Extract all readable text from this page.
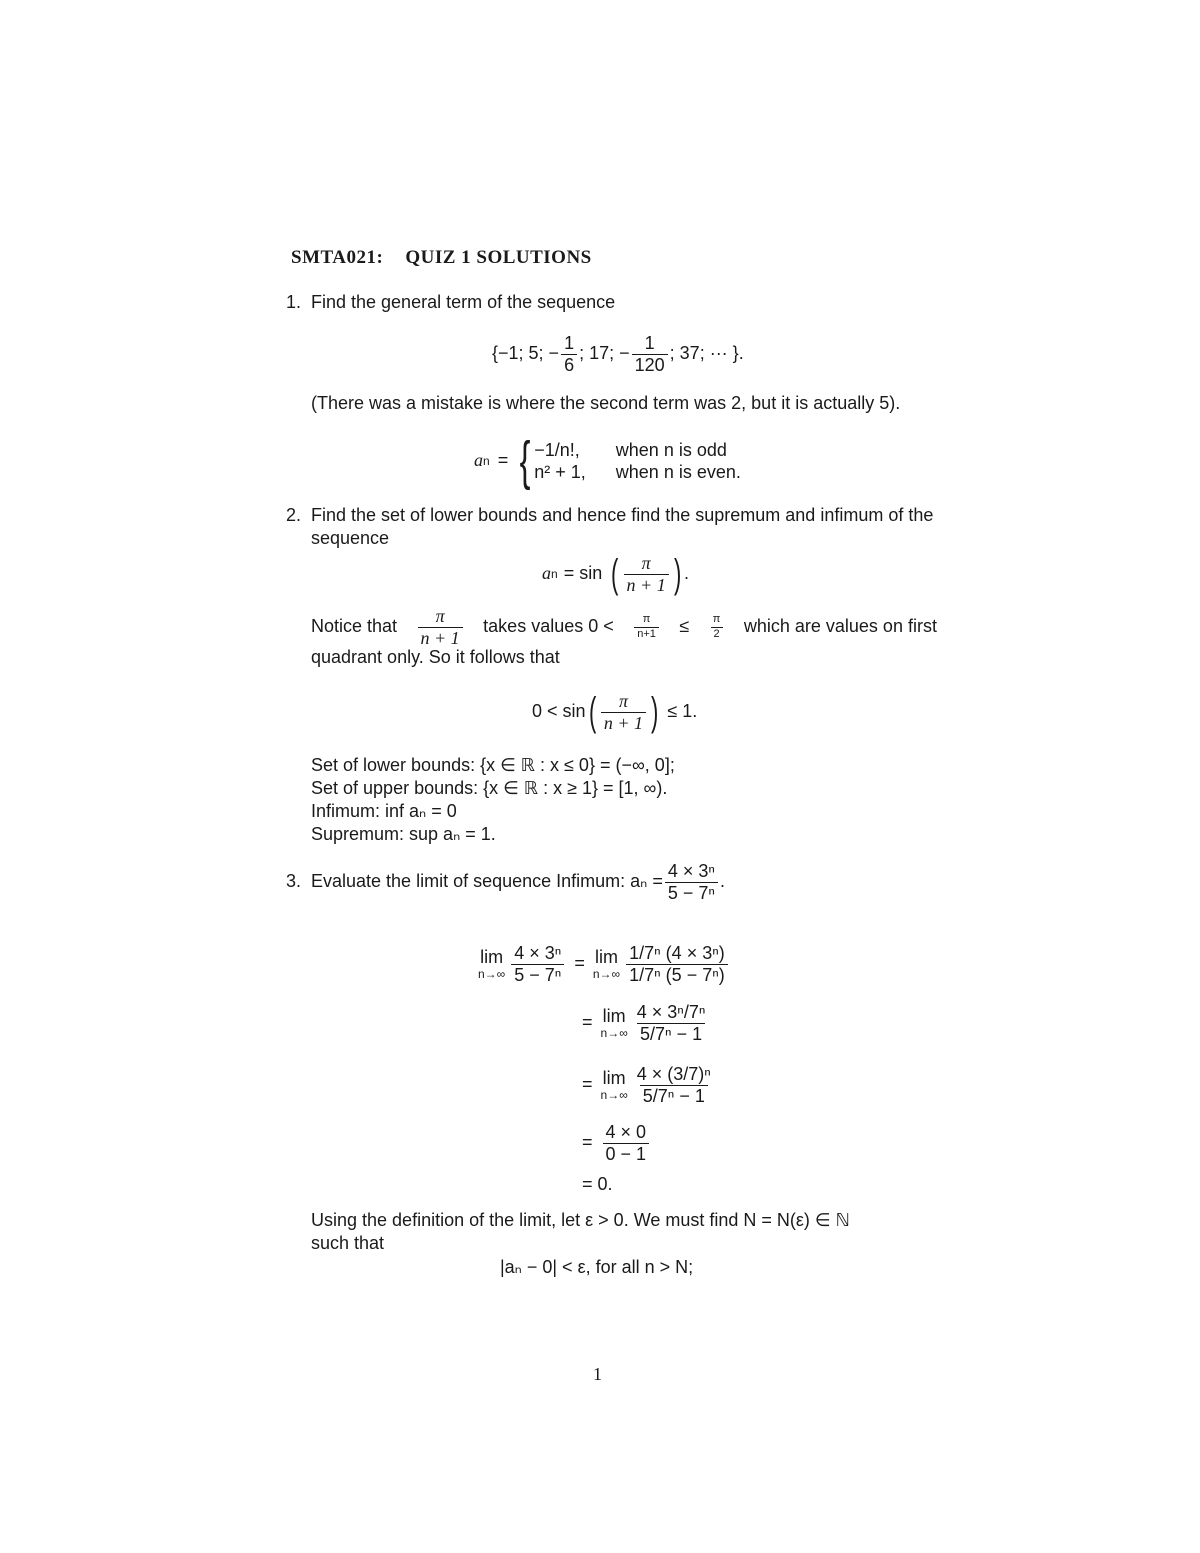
SMTA021: QUIZ 1 SOLUTIONS
1. Find the general term of the sequence
{−1; 5; − $\frac{1}{6}$ ; 17; − $\frac{1}{120}$ ; 37; ··· }.
(There was a mistake is where the second term was 2, but it is actually 5).
a n = { −1/n!,	when n is odd
n² + 1,	when n is even.
2. Find the set of lower bounds and hence find the supremum and infimum of the sequence
a n = sin ( $\frac{\pi}{n + 1}$ ) .
Notice that $\frac{\pi}{n + 1}$ takes values $0 < \frac{\pi}{n+1} \le \frac{\pi}{2}$ which are values on first
quadrant only. So it follows that
0 < sin ( $\frac{\pi}{n + 1}$ ) ≤ 1.
Set of lower bounds: {x ∈ ℝ : x ≤ 0} = (−∞, 0];
Set of upper bounds: {x ∈ ℝ : x ≥ 1} = [1, ∞).
Infimum: inf aₙ = 0
Supremum: sup aₙ = 1.
3. Evaluate the limit of sequence Infimum: $a_n = \frac{\text{4 × 3ⁿ}}{\text{5 − 7ⁿ}}$ .
lim
$n\to\infty \frac{\text{4 × 3ⁿ}}{\text{5 − 7ⁿ}} = \lim$
$n\to\infty \frac{\text{1/7ⁿ (4 × 3ⁿ)}}{\text{1/7ⁿ (5 − 7ⁿ)}}$
= lim
$n\to\infty \frac{\text{4 × 3ⁿ/7ⁿ}}{\text{5/7ⁿ − 1}}$
= lim
$n\to\infty \frac{\text{4 × (3/7)ⁿ}}{\text{5/7ⁿ − 1}}$
= $\frac{4 \times 0}{0 - 1}$
= 0.
Using the definition of the limit, let ε > 0. We must find N = N(ε) ∈ ℕ
such that
|aₙ − 0| < ε, for all n > N;
1
